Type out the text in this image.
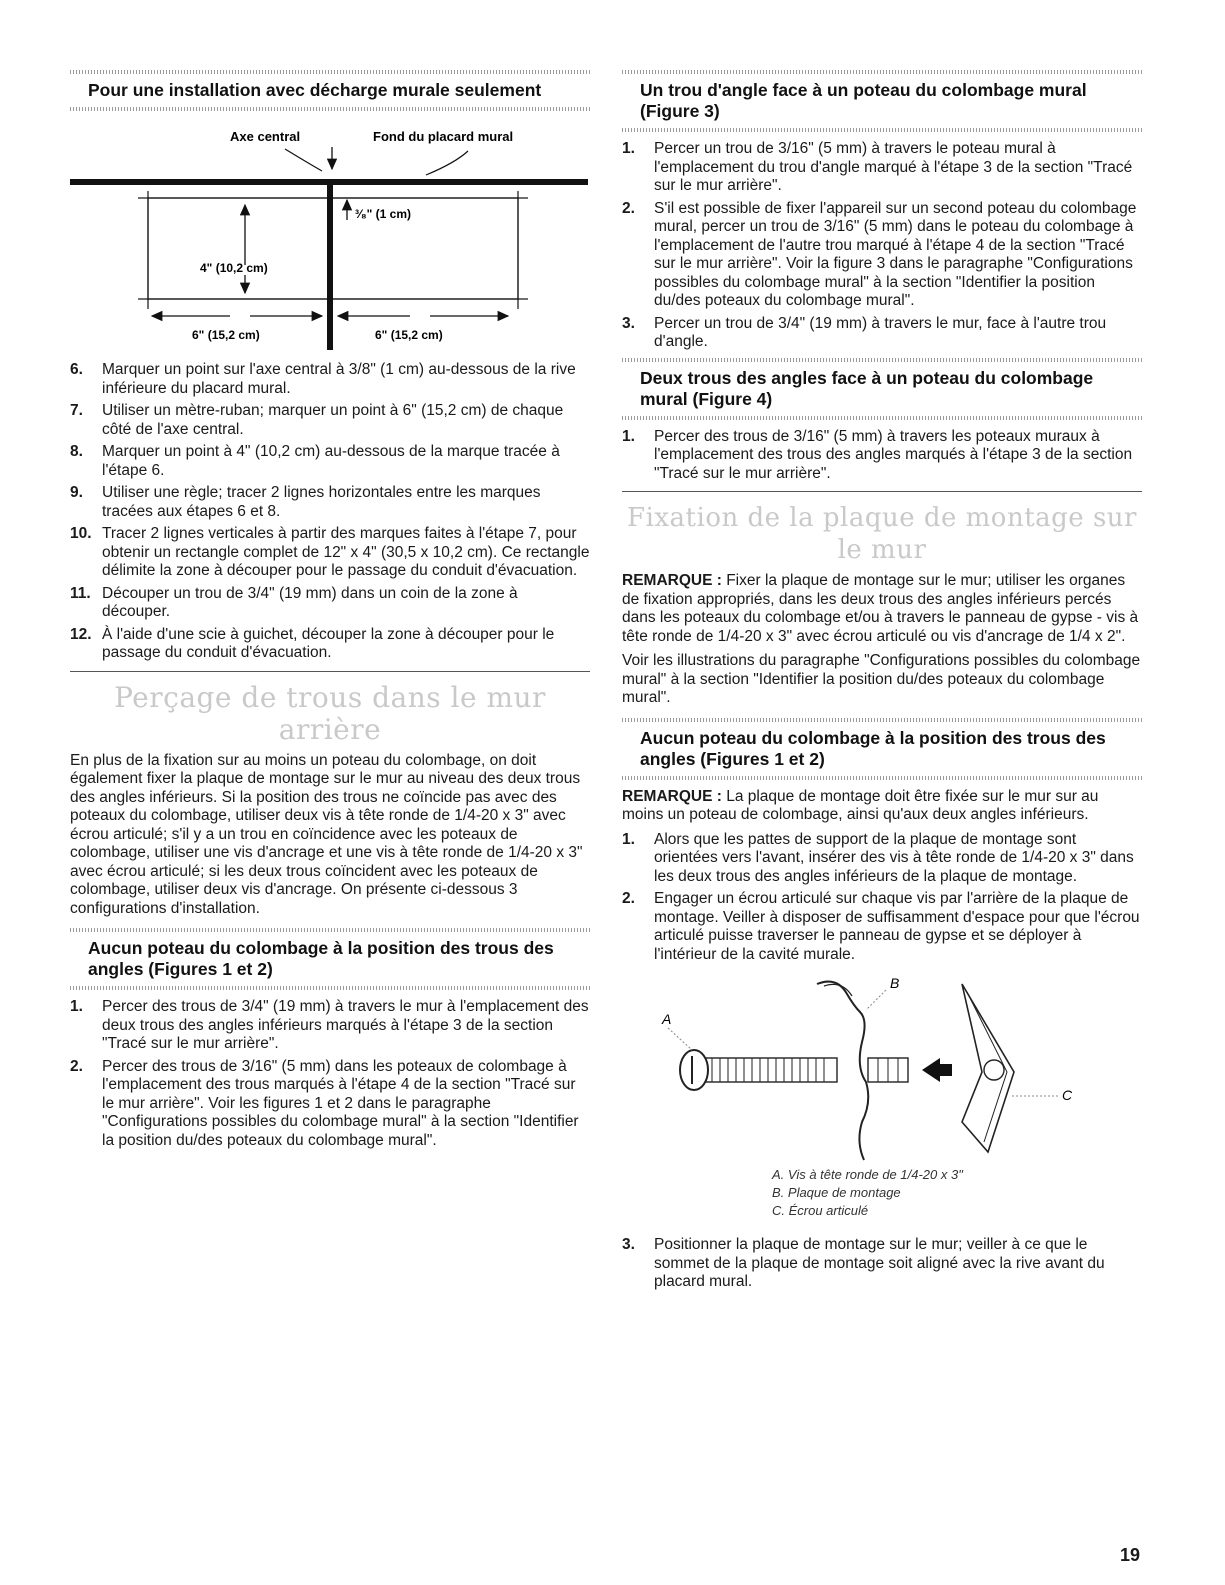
Pour une installation avec décharge murale seulement
Axe central	Fond du placard mural
4" (10,2 cm)
³⁄₈" (1 cm)
6" (15,2 cm)	6" (15,2 cm)
6.	Marquer un point sur l'axe central à 3/8" (1 cm) au-dessous de la rive inférieure du placard mural.
7.	Utiliser un mètre-ruban; marquer un point à 6" (15,2 cm) de chaque côté de l'axe central.
8.	Marquer un point à 4" (10,2 cm) au-dessous de la marque tracée à l'étape 6.
9.	Utiliser une règle; tracer 2 lignes horizontales entre les marques tracées aux étapes 6 et 8.
10. Tracer 2 lignes verticales à partir des marques faites à l'étape 7, pour obtenir un rectangle complet de 12" x 4" (30,5 x 10,2 cm). Ce rectangle délimite la zone à découper pour le passage du conduit d'évacuation.
11. Découper un trou de 3/4" (19 mm) dans un coin de la zone à découper.
12. À l'aide d'une scie à guichet, découper la zone à découper pour le passage du conduit d'évacuation.
Perçage de trous dans le mur arrière

En plus de la fixation sur au moins un poteau du colombage, on doit également fixer la plaque de montage sur le mur au niveau des deux trous des angles inférieurs. Si la position des trous ne coïncide pas avec des poteaux du colombage, utiliser deux vis à tête ronde de 1/4-20 x 3" avec écrou articulé; s'il y a un trou en coïncidence avec les poteaux de colombage, utiliser une vis d'ancrage et une vis à tête ronde de 1/4-20 x 3" avec écrou articulé; si les deux trous coïncident avec les poteaux de colombage, utiliser deux vis d'ancrage. On présente ci-dessous 3 configurations d'installation.

Aucun poteau du colombage à la position des trous des angles (Figures 1 et 2)
1.	Percer des trous de 3/4" (19 mm) à travers le mur à l'emplacement des deux trous des angles inférieurs marqués à l'étape 3 de la section "Tracé sur le mur arrière".
2.	Percer des trous de 3/16" (5 mm) dans les poteaux de colombage à l'emplacement des trous marqués à l'étape 4 de la section "Tracé sur le mur arrière". Voir les figures 1 et 2 dans le paragraphe "Configurations possibles du colombage mural" à la section "Identifier la position du/des poteaux du colombage mural".
Un trou d'angle face à un poteau du colombage mural (Figure 3)
1.	Percer un trou de 3/16" (5 mm) à travers le poteau mural à l'emplacement du trou d'angle marqué à l'étape 3 de la section "Tracé sur le mur arrière".
2.	S'il est possible de fixer l'appareil sur un second poteau du colombage mural, percer un trou de 3/16" (5 mm) dans le poteau du colombage à l'emplacement de l'autre trou marqué à l'étape 4 de la section "Tracé sur le mur arrière". Voir la figure 3 dans le paragraphe "Configurations possibles du colombage mural" à la section "Identifier la position du/des poteaux du colombage mural".
3.	Percer un trou de 3/4" (19 mm) à travers le mur, face à l'autre trou d'angle.
Deux trous des angles face à un poteau du colombage mural (Figure 4)
1.	Percer des trous de 3/16" (5 mm) à travers les poteaux muraux à l'emplacement des trous des angles marqués à l'étape 3 de la section "Tracé sur le mur arrière".
Fixation de la plaque de montage sur le mur

REMARQUE : Fixer la plaque de montage sur le mur; utiliser les organes de fixation appropriés, dans les deux trous des angles inférieurs percés dans les poteaux du colombage et/ou à travers le panneau de gypse - vis à tête ronde de 1/4-20 x 3" avec écrou articulé ou vis d'ancrage de 1/4 x 2".

Voir les illustrations du paragraphe "Configurations possibles du colombage mural" à la section "Identifier la position du/des poteaux du colombage mural".

Aucun poteau du colombage à la position des trous des angles (Figures 1 et 2)

REMARQUE : La plaque de montage doit être fixée sur le mur sur au moins un poteau de colombage, ainsi qu'aux deux angles inférieurs.

1.	Alors que les pattes de support de la plaque de montage sont orientées vers l'avant, insérer des vis à tête ronde de 1/4-20 x 3" dans les deux trous des angles inférieurs de la plaque de montage.
2.	Engager un écrou articulé sur chaque vis par l'arrière de la plaque de montage. Veiller à disposer de suffisamment d'espace pour que l'écrou articulé puisse traverser le panneau de gypse et se déployer à l'intérieur de la cavité murale.
A
B
C
A. Vis à tête ronde de 1/4-20 x 3"
B. Plaque de montage
C. Écrou articulé
3.	Positionner la plaque de montage sur le mur; veiller à ce que le sommet de la plaque de montage soit aligné avec la rive avant du placard mural.
19
